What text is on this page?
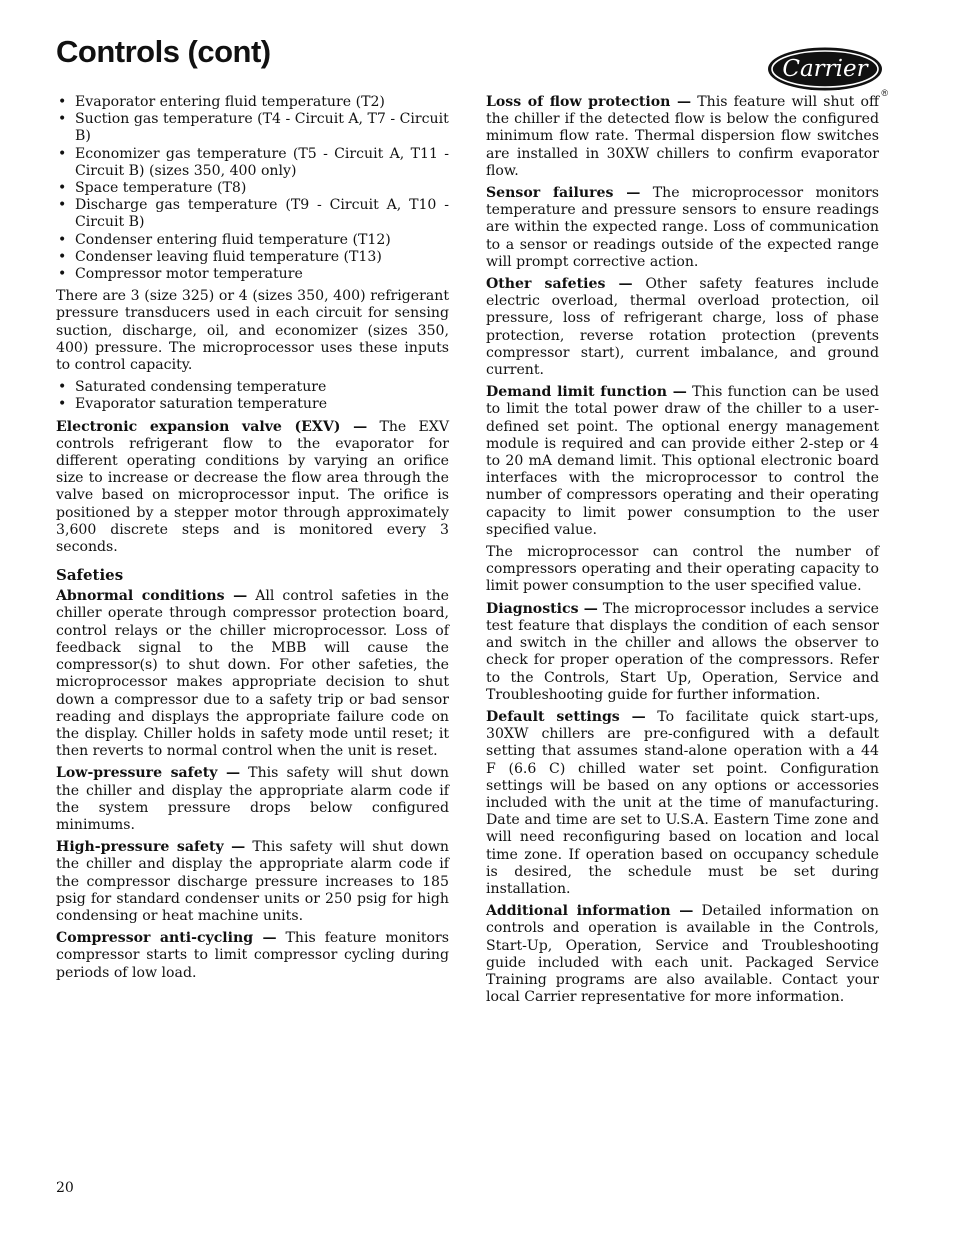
Controls (cont)	Carrier
®
• Evaporator entering fluid temperature (T2)
• Suction gas temperature (T4 - Circuit A, T7 - Circuit B)
• Economizer gas temperature (T5 - Circuit A, T11 - Circuit B) (sizes 350, 400 only)
• Space temperature (T8)
• Discharge gas temperature (T9 - Circuit A, T10 - Circuit B)
• Condenser entering fluid temperature (T12)
• Condenser leaving fluid temperature (T13)
• Compressor motor temperature

There are 3 (size 325) or 4 (sizes 350, 400) refrigerant pressure transducers used in each circuit for sensing suction, discharge, oil, and economizer (sizes 350, 400) pressure. The microprocessor uses these inputs to control capacity.

• Saturated condensing temperature
• Evaporator saturation temperature

Electronic expansion valve (EXV) — The EXV controls refrigerant flow to the evaporator for different operating conditions by varying an orifice size to increase or decrease the flow area through the valve based on microprocessor input. The orifice is positioned by a stepper motor through approximately 3,600 discrete steps and is monitored every 3 seconds.

Safeties

Abnormal conditions — All control safeties in the chiller operate through compressor protection board, control relays or the chiller microprocessor. Loss of feedback signal to the MBB will cause the compressor(s) to shut down. For other safeties, the microprocessor makes appropriate decision to shut down a compressor due to a safety trip or bad sensor reading and displays the appropriate failure code on the display. Chiller holds in safety mode until reset; it then reverts to normal control when the unit is reset.

Low-pressure safety — This safety will shut down the chiller and display the appropriate alarm code if the system pressure drops below configured minimums.

High-pressure safety — This safety will shut down the chiller and display the appropriate alarm code if the compressor discharge pressure increases to 185 psig for standard condenser units or 250 psig for high condensing or heat machine units.

Compressor anti-cycling — This feature monitors compressor starts to limit compressor cycling during periods of low load.

Loss of flow protection — This feature will shut off the chiller if the detected flow is below the configured minimum flow rate. Thermal dispersion flow switches are installed in 30XW chillers to confirm evaporator flow.

Sensor failures — The microprocessor monitors temperature and pressure sensors to ensure readings are within the expected range. Loss of communication to a sensor or readings outside of the expected range will prompt corrective action.

Other safeties — Other safety features include electric overload, thermal overload protection, oil pressure, loss of refrigerant charge, loss of phase protection, reverse rotation protection (prevents compressor start), current imbalance, and ground current.

Demand limit function — This function can be used to limit the total power draw of the chiller to a user-defined set point. The optional energy management module is required and can provide either 2-step or 4 to 20 mA demand limit. This optional electronic board interfaces with the microprocessor to control the number of compressors operating and their operating capacity to limit power consumption to the user specified value.

The microprocessor can control the number of compressors operating and their operating capacity to limit power consumption to the user specified value.

Diagnostics — The microprocessor includes a service test feature that displays the condition of each sensor and switch in the chiller and allows the observer to check for proper operation of the compressors. Refer to the Controls, Start Up, Operation, Service and Troubleshooting guide for further information.

Default settings — To facilitate quick start-ups, 30XW chillers are pre-configured with a default setting that assumes stand-alone operation with a 44 F (6.6 C) chilled water set point. Configuration settings will be based on any options or accessories included with the unit at the time of manufacturing. Date and time are set to U.S.A. Eastern Time zone and will need reconfiguring based on location and local time zone. If operation based on occupancy schedule is desired, the schedule must be set during installation.

Additional information — Detailed information on controls and operation is available in the Controls, Start-Up, Operation, Service and Troubleshooting guide included with each unit. Packaged Service Training programs are also available. Contact your local Carrier representative for more information.

20
